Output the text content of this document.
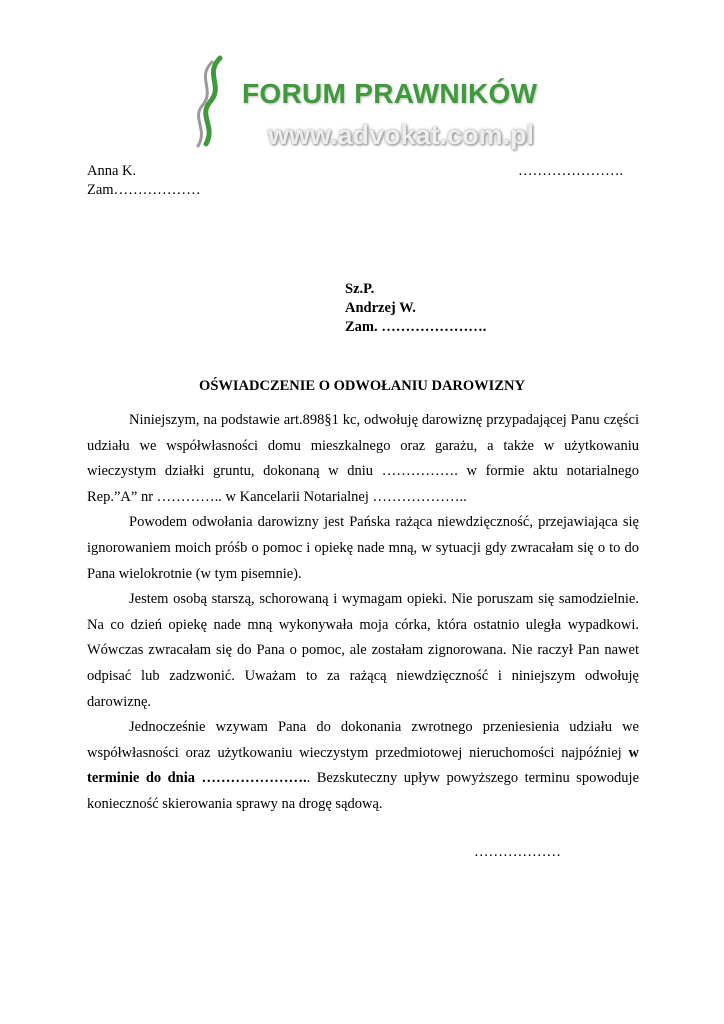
FORUM PRAWNIKÓW
www.advokat.com.pl
Anna K.
Zam………………
………………….
Sz.P.
Andrzej W.
Zam. ………………….
OŚWIADCZENIE O ODWOŁANIU DAROWIZNY

Niniejszym, na podstawie art.898§1 kc, odwołuję darowiznę przypadającej Panu części udziału we współwłasności domu mieszkalnego oraz garażu, a także w użytkowaniu wieczystym działki gruntu, dokonaną w dniu ……………. w formie aktu notarialnego Rep.”A” nr ………….. w Kancelarii Notarialnej ………………..

Powodem odwołania darowizny jest Pańska rażąca niewdzięczność, przejawiająca się ignorowaniem moich próśb o pomoc i opiekę nade mną, w sytuacji gdy zwracałam się o to do Pana wielokrotnie (w tym pisemnie).

Jestem osobą starszą, schorowaną i wymagam opieki. Nie poruszam się samodzielnie. Na co dzień opiekę nade mną wykonywała moja córka, która ostatnio uległa wypadkowi. Wówczas zwracałam się do Pana o pomoc, ale zostałam zignorowana. Nie raczył Pan nawet odpisać lub zadzwonić. Uważam to za rażącą niewdzięczność i niniejszym odwołuję darowiznę.

Jednocześnie wzywam Pana do dokonania zwrotnego przeniesienia udziału we współwłasności oraz użytkowaniu wieczystym przedmiotowej nieruchomości najpóźniej w terminie do dnia ………………….. Bezskuteczny upływ powyższego terminu spowoduje konieczność skierowania sprawy na drogę sądową.

………………
